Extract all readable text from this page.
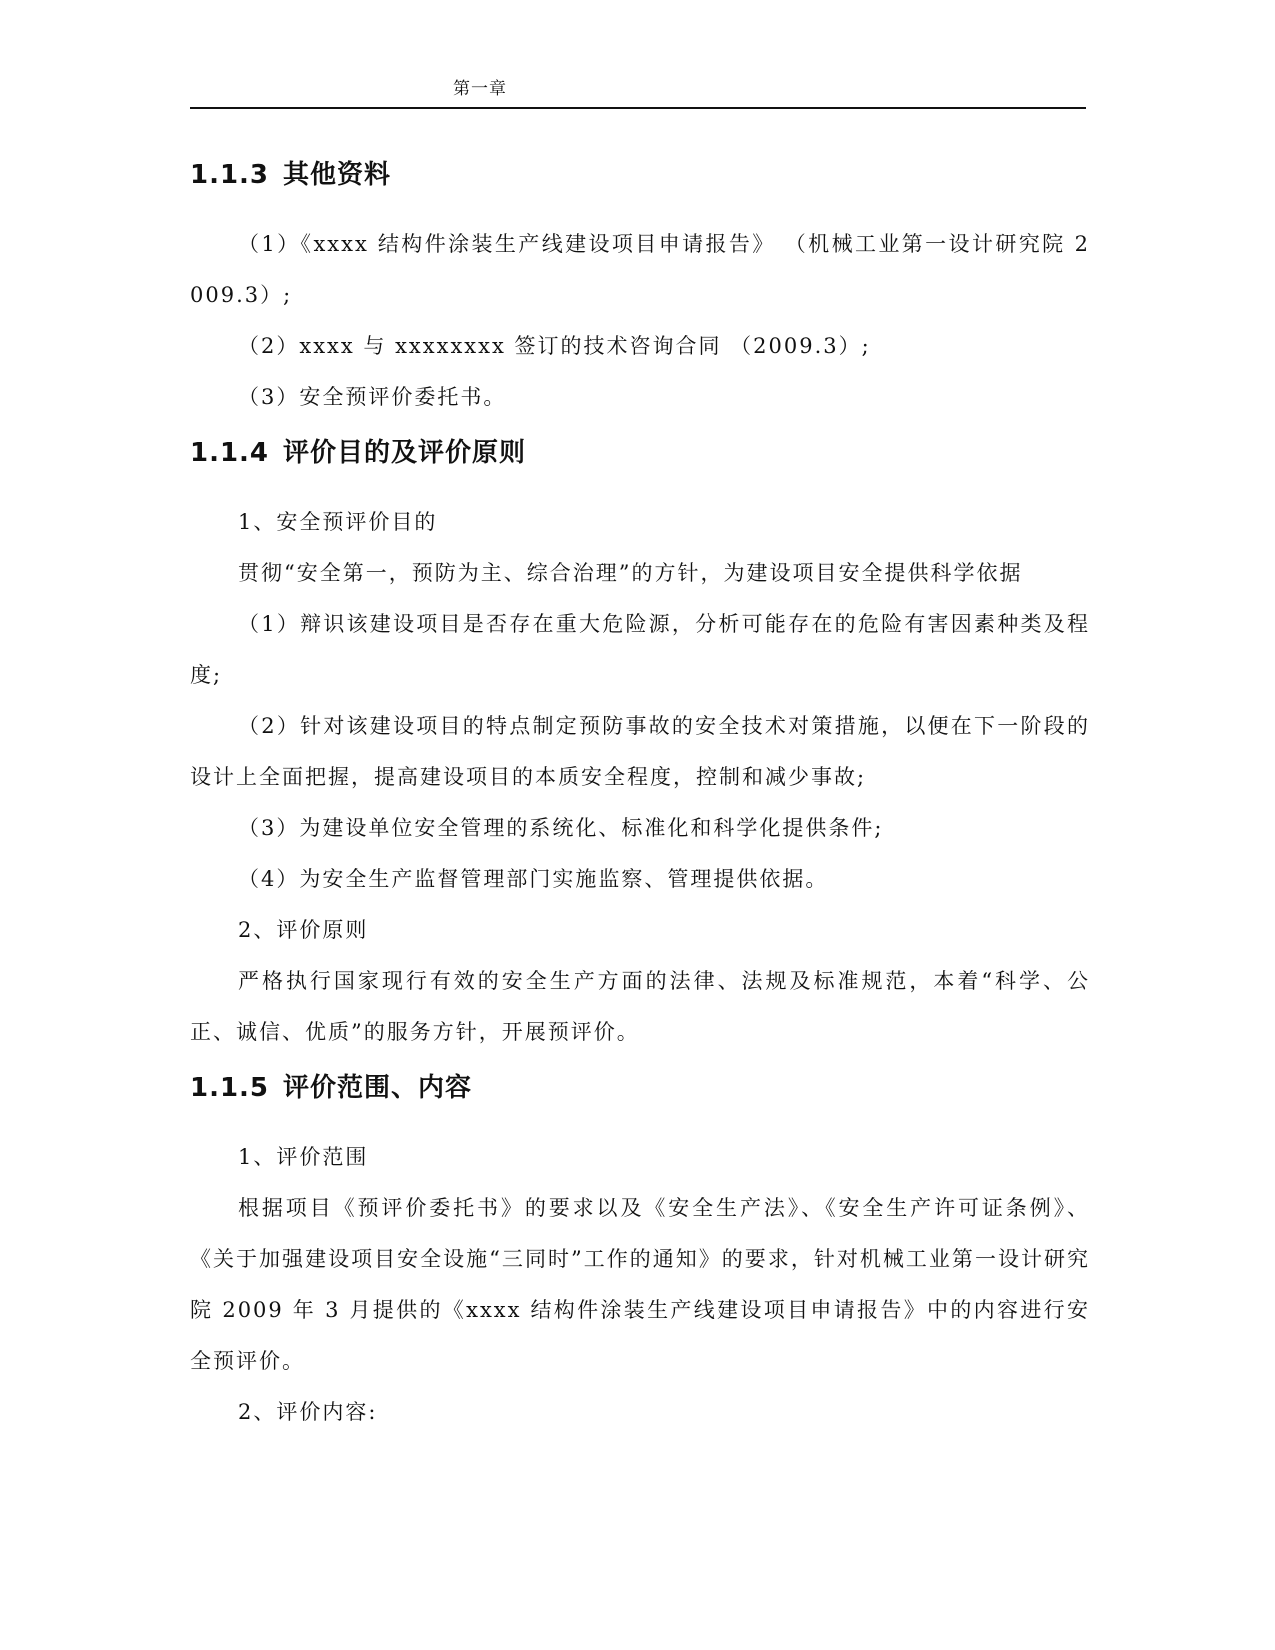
第一章
1.1.3 其他资料

（1）《xxxx 结构件涂装生产线建设项目申请报告》 （机械工业第一设计研究院 2009.3）;

（2）xxxx 与 xxxxxxxx 签订的技术咨询合同 （2009.3）;

（3）安全预评价委托书。

1.1.4 评价目的及评价原则

1、安全预评价目的

贯彻“安全第一，预防为主、综合治理”的方针，为建设项目安全提供科学依据

（1）辩识该建设项目是否存在重大危险源，分析可能存在的危险有害因素种类及程度;

（2）针对该建设项目的特点制定预防事故的安全技术对策措施，以便在下一阶段的设计上全面把握，提高建设项目的本质安全程度，控制和减少事故;

（3）为建设单位安全管理的系统化、标准化和科学化提供条件;

（4）为安全生产监督管理部门实施监察、管理提供依据。

2、评价原则

严格执行国家现行有效的安全生产方面的法律、法规及标准规范，本着“科学、公正、诚信、优质”的服务方针，开展预评价。

1.1.5 评价范围、内容

1、评价范围

根据项目《预评价委托书》的要求以及《安全生产法》、《安全生产许可证条例》、《关于加强建设项目安全设施“三同时”工作的通知》的要求，针对机械工业第一设计研究院 2009 年 3 月提供的《xxxx 结构件涂装生产线建设项目申请报告》中的内容进行安全预评价。

2、评价内容:
